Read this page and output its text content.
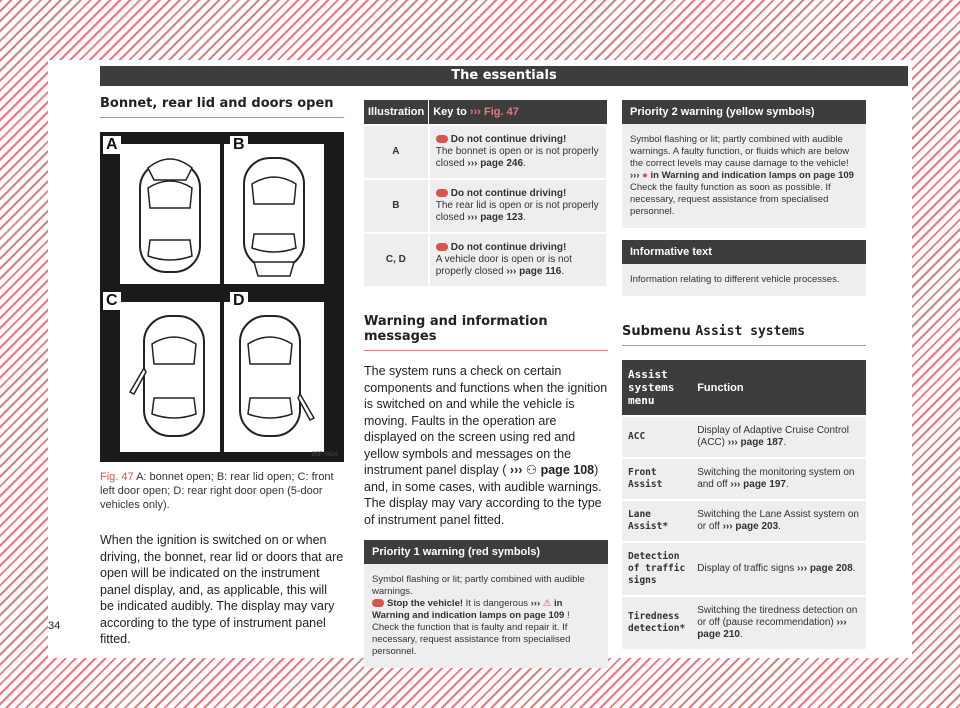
The essentials
Bonnet, rear lid and doors open
A	B
C	D
B5F-0604
Fig. 47 A: bonnet open; B: rear lid open; C: front left door open; D: rear right door open (5-door vehicles only).
When the ignition is switched on or when driving, the bonnet, rear lid or doors that are open will be indicated on the instrument panel display, and, as applicable, this will be indicated audibly. The display may vary according to the type of instrument panel fitted.
Illustration	Key to ››› Fig. 47
A	Do not continue driving!
The bonnet is open or is not properly closed ››› page 246.
B	Do not continue driving!
The rear lid is open or is not properly closed ››› page 123.
C, D	Do not continue driving!
A vehicle door is open or is not properly closed ››› page 116.
Warning and information messages
The system runs a check on certain components and functions when the ignition is switched on and while the vehicle is moving. Faults in the operation are displayed on the screen using red and yellow symbols and messages on the instrument panel display ( ››› ⚇ page 108) and, in some cases, with audible warnings. The display may vary according to the type of instrument panel fitted.
Priority 1 warning (red symbols)
Symbol flashing or lit; partly combined with audible warnings.
Stop the vehicle! It is dangerous ››› ⚠ in Warning and indication lamps on page 109 !
Check the function that is faulty and repair it. If necessary, request assistance from specialised personnel.
Priority 2 warning (yellow symbols)
Symbol flashing or lit; partly combined with audible warnings. A faulty function, or fluids which are below the correct levels may cause damage to the vehicle! ››› ● in Warning and indication lamps on page 109
Check the faulty function as soon as possible. If necessary, request assistance from specialised personnel.
Informative text
Information relating to different vehicle processes.
Submenu Assist systems
Assist systems menu	Function
ACC	Display of Adaptive Cruise Control (ACC) ››› page 187.
Front Assist	Switching the monitoring system on and off ››› page 197.
Lane Assist*	Switching the Lane Assist system on or off ››› page 203.
Detection of traffic signs	Display of traffic signs ››› page 208.
Tiredness detection*	Switching the tiredness detection on or off (pause recommendation) ››› page 210.
34
